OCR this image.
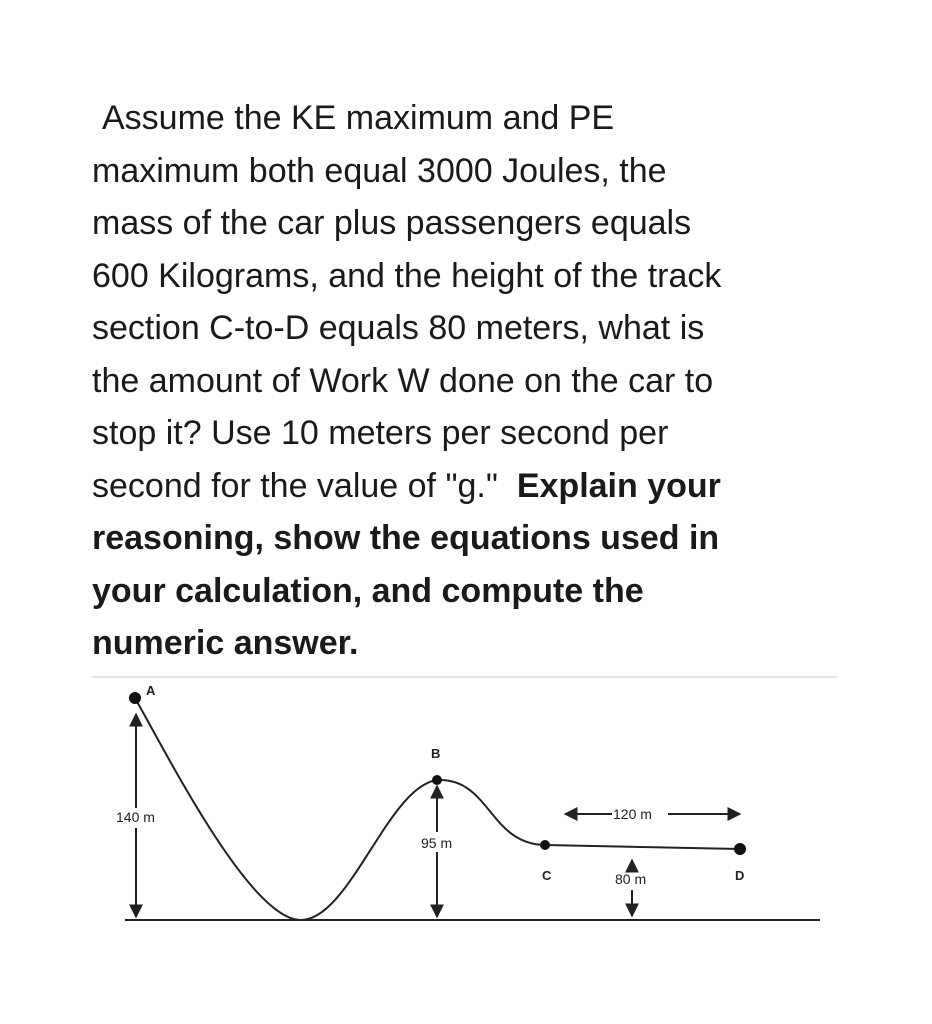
Assume the KE maximum and PE
maximum both equal 3000 Joules, the
mass of the car plus passengers equals
600 Kilograms, and the height of the track
section C-to-D equals 80 meters, what is
the amount of Work W done on the car to
stop it? Use 10 meters per second per
second for the value of "g."  Explain your
reasoning, show the equations used in
your calculation, and compute the
numeric answer.
A
B
C	D
140 m
95 m
120 m
80 m
